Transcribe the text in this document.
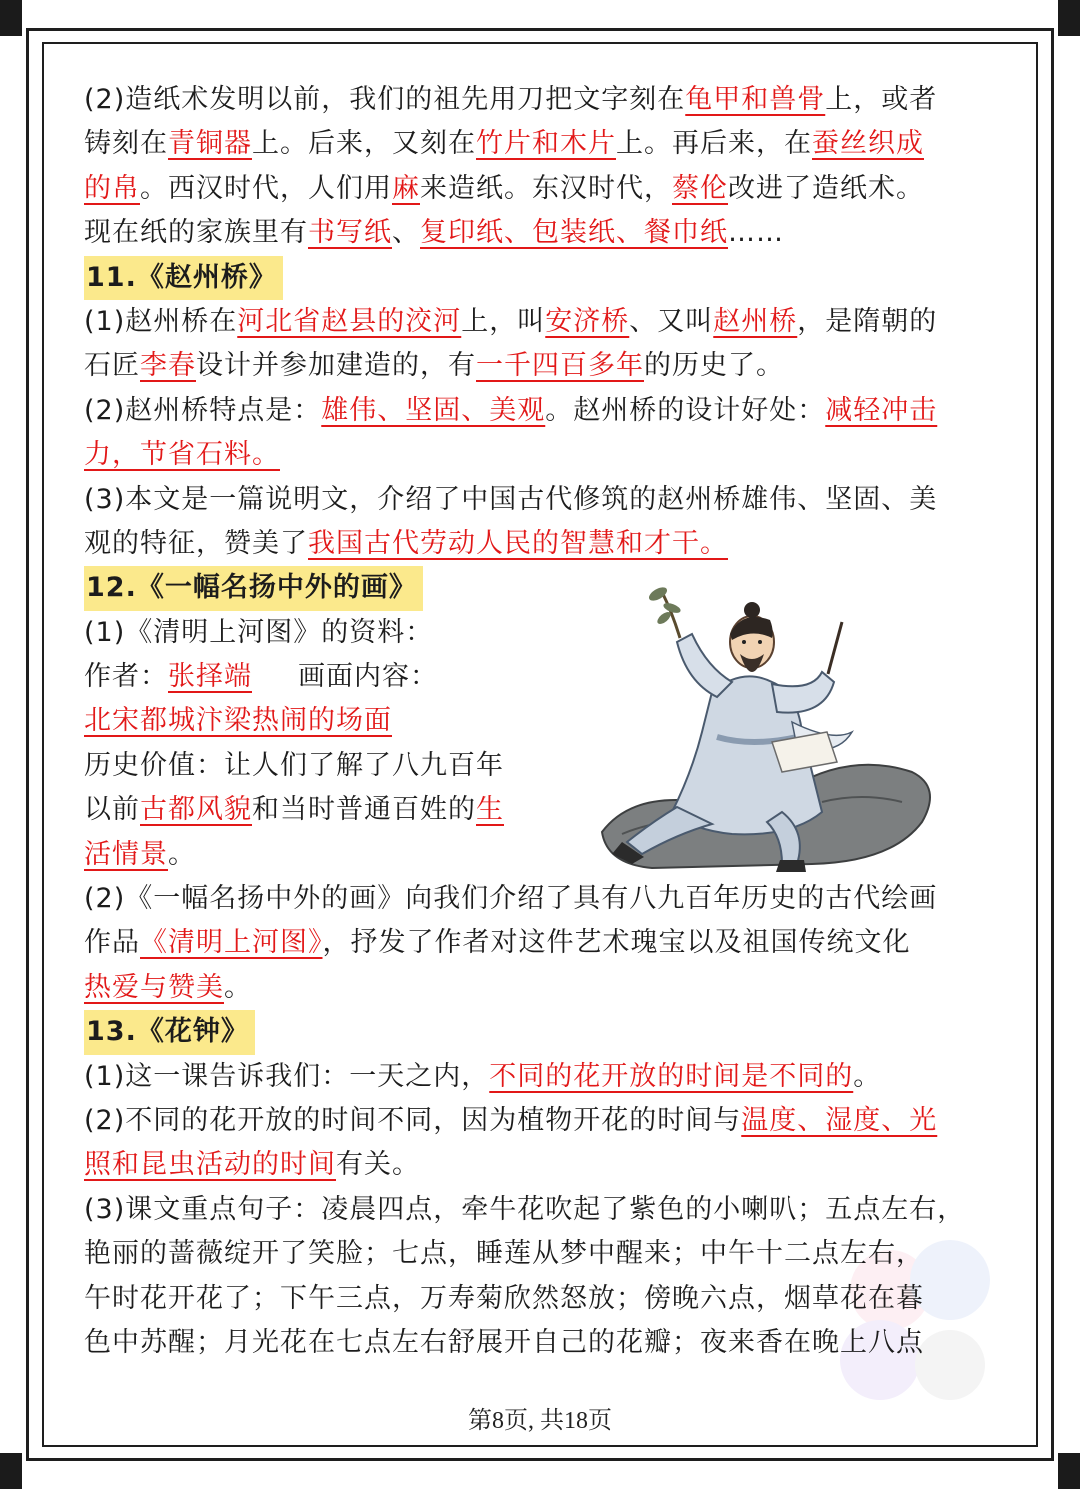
(2)造纸术发明以前，我们的祖先用刀把文字刻在龟甲和兽骨上，或者
铸刻在青铜器上。后来，又刻在竹片和木片上。再后来，在蚕丝织成
的帛。西汉时代，人们用麻来造纸。东汉时代，蔡伦改进了造纸术。
现在纸的家族里有书写纸、复印纸、包装纸、餐巾纸……
11.《赵州桥》
(1)赵州桥在河北省赵县的洨河上，叫安济桥、又叫赵州桥，是隋朝的
石匠李春设计并参加建造的，有一千四百多年的历史了。
(2)赵州桥特点是：雄伟、坚固、美观。赵州桥的设计好处：减轻冲击
力，节省石料。
(3)本文是一篇说明文，介绍了中国古代修筑的赵州桥雄伟、坚固、美
观的特征，赞美了我国古代劳动人民的智慧和才干。
12.《一幅名扬中外的画》
(1)《清明上河图》的资料：
作者：张择端 画面内容：
北宋都城汴梁热闹的场面
历史价值：让人们了解了八九百年
以前古都风貌和当时普通百姓的生
活情景。
(2)《一幅名扬中外的画》向我们介绍了具有八九百年历史的古代绘画
作品《清明上河图》，抒发了作者对这件艺术瑰宝以及祖国传统文化
热爱与赞美。
13.《花钟》
(1)这一课告诉我们：一天之内，不同的花开放的时间是不同的。
(2)不同的花开放的时间不同，因为植物开花的时间与温度、湿度、光
照和昆虫活动的时间有关。
(3)课文重点句子：凌晨四点，牵牛花吹起了紫色的小喇叭；五点左右，
艳丽的蔷薇绽开了笑脸；七点，睡莲从梦中醒来；中午十二点左右，
午时花开花了；下午三点，万寿菊欣然怒放；傍晚六点，烟草花在暮
色中苏醒；月光花在七点左右舒展开自己的花瓣；夜来香在晚上八点
第8页, 共18页
